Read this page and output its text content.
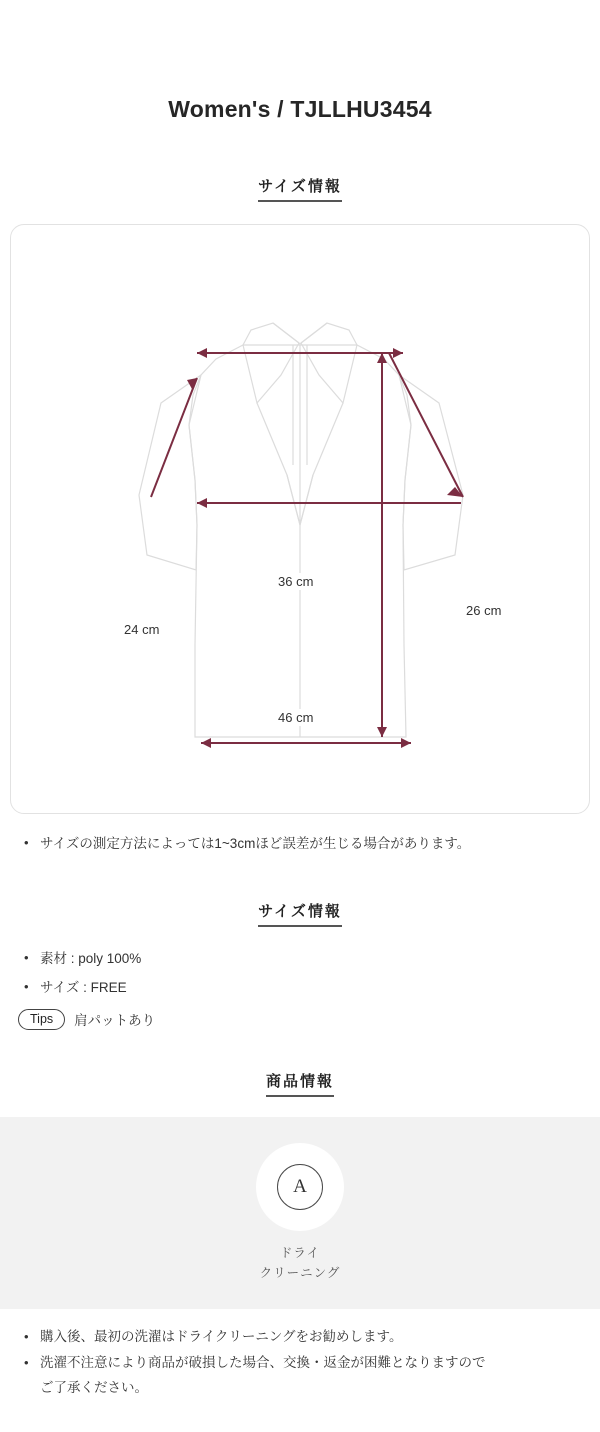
Women's / TJLLHU3454
サイズ情報
36 cm
26 cm
24 cm
46 cm
• サイズの測定方法によっては1~3cmほど誤差が生じる場合があります。
サイズ情報
• 素材 : poly 100%
• サイズ : FREE
Tips	肩パットあり
商品情報
A
ドライ
クリーニング
• 購入後、最初の洗濯はドライクリーニングをお勧めします。
• 洗濯不注意により商品が破損した場合、交換・返金が困難となりますので
ご了承ください。
